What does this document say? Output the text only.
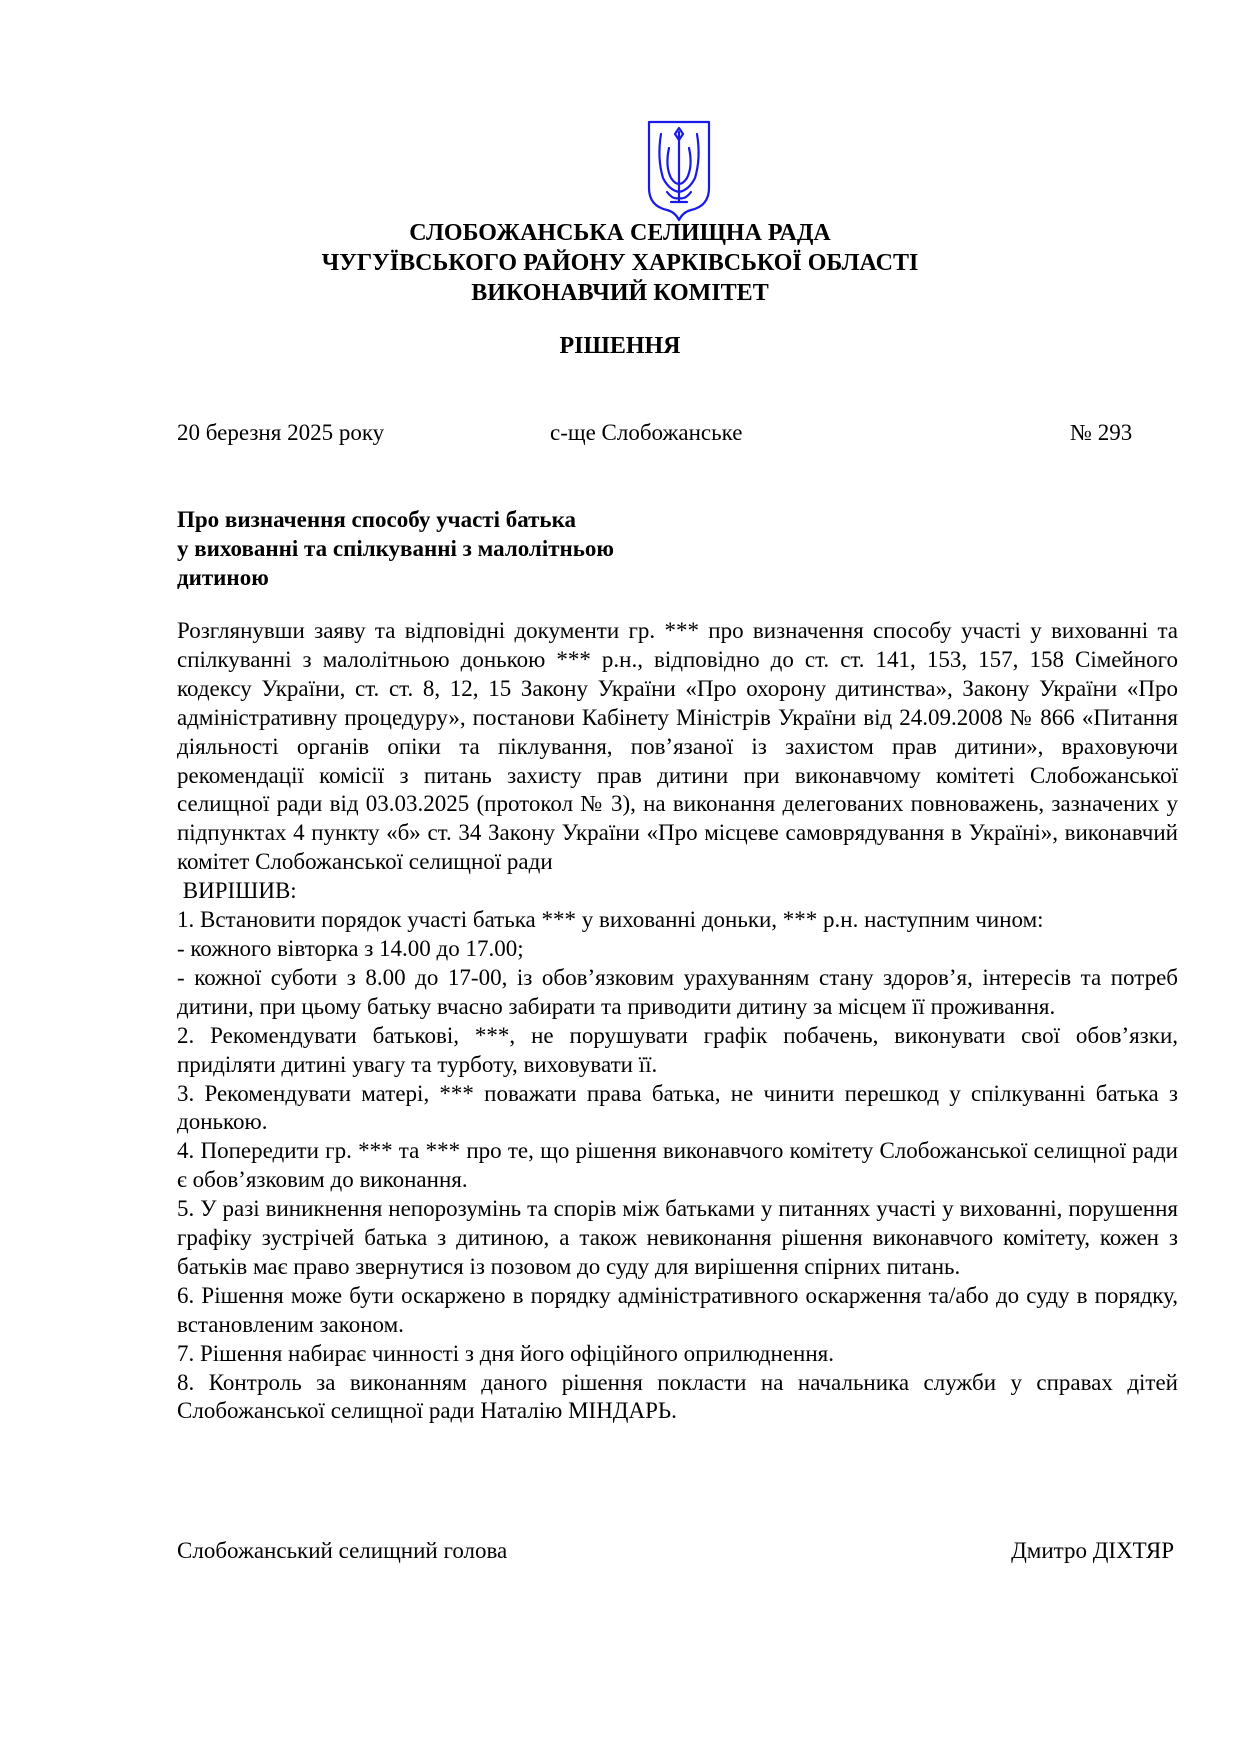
СЛОБОЖАНСЬКА СЕЛИЩНА РАДА
ЧУГУЇВСЬКОГО РАЙОНУ ХАРКІВСЬКОЇ ОБЛАСТІ
ВИКОНАВЧИЙ КОМІТЕТ
РІШЕННЯ
20 березня 2025 року	с-ще Слобожанське	№ 293
Про визначення способу участі батька
у вихованні та спілкуванні з малолітньою
дитиною

Розглянувши заяву та відповідні документи гр. *** про визначення способу участі у вихованні та спілкуванні з малолітньою донькою *** р.н., відповідно до ст. ст. 141, 153, 157, 158 Сімейного кодексу України, ст. ст. 8, 12, 15 Закону України «Про охорону дитинства», Закону України «Про адміністративну процедуру», постанови Кабінету Міністрів України від 24.09.2008 № 866 «Питання діяльності органів опіки та піклування, пов’язаної із захистом прав дитини», враховуючи рекомендації комісії з питань захисту прав дитини при виконавчому комітеті Слобожанської селищної ради від 03.03.2025 (протокол № 3), на виконання делегованих повноважень, зазначених у підпунктах 4 пункту «б» ст. 34 Закону України «Про місцеве самоврядування в Україні», виконавчий комітет Слобожанської селищної ради

ВИРІШИВ:

1. Встановити порядок участі батька *** у вихованні доньки, *** р.н. наступним чином:

- кожного вівторка з 14.00 до 17.00;

- кожної суботи з 8.00 до 17-00, із обов’язковим урахуванням стану здоров’я, інтересів та потреб дитини, при цьому батьку вчасно забирати та приводити дитину за місцем її проживання.

2. Рекомендувати батькові, ***, не порушувати графік побачень, виконувати свої обов’язки, приділяти дитині увагу та турботу, виховувати її.

3. Рекомендувати матері, *** поважати права батька, не чинити перешкод у спілкуванні батька з донькою.

4. Попередити гр. *** та *** про те, що рішення виконавчого комітету Слобожанської селищної ради є обов’язковим до виконання.

5. У разі виникнення непорозумінь та спорів між батьками у питаннях участі у вихованні, порушення графіку зустрічей батька з дитиною, а також невиконання рішення виконавчого комітету, кожен з батьків має право звернутися із позовом до суду для вирішення спірних питань.

6. Рішення може бути оскаржено в порядку адміністративного оскарження та/або до суду в порядку, встановленим законом.

7. Рішення набирає чинності з дня його офіційного оприлюднення.

8. Контроль за виконанням даного рішення покласти на начальника служби у справах дітей Слобожанської селищної ради Наталію МІНДАРЬ.

Слобожанський селищний голова	Дмитро ДІХТЯР
